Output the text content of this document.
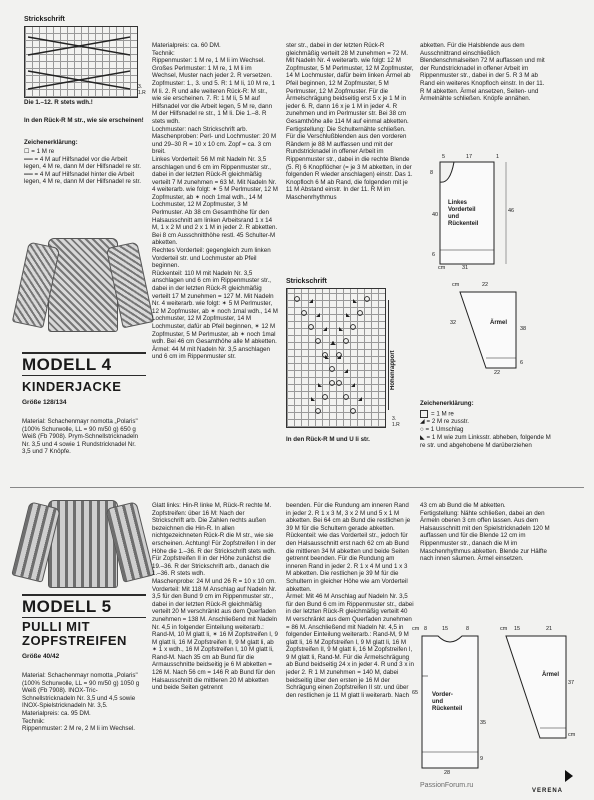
Strickschrift
3.
1.R
Die 1.–12. R stets wdh.!
In den Rück-R M str., wie sie erscheinen!
Zeichenerklärung:
☐ = 1 M re
══ = 4 M auf Hilfsnadel vor die Arbeit legen, 4 M re, dann M der Hilfsnadel re str.
══ = 4 M auf Hilfsnadel hinter die Arbeit legen, 4 M re, dann M der Hilfsnadel re str.
MODELL 4
KINDERJACKE
Größe 128/134
Material: Schachenmayr nomotta „Polaris" (100% Schurwolle, LL = 90 m/50 g) 650 g Weiß (Fb 7908). Prym-Schnellstricknadeln Nr. 3,5 und 4 sowie 1 Rundstricknadel Nr. 3,5 und 7 Knöpfe.
Materialpreis: ca. 60 DM.
Technik:
Rippenmuster: 1 M re, 1 M li im Wechsel.
Großes Perlmuster: 1 M re, 1 M li im Wechsel, Muster nach jeder 2. R versetzen.
Zopfmuster: 1., 3. und 5. R: 1 M li, 10 M re, 1 M li. 2. R und alle weiteren Rück-R: M str., wie sie erscheinen. 7. R: 1 M li, 5 M auf Hilfsnadel vor die Arbeit legen, 5 M re, dann M der Hilfsnadel re str., 1 M li. Die 1.–8. R stets wdh.
Lochmuster: nach Strickschrift arb.
Maschenproben: Perl- und Lochmuster: 20 M und 29–30 R = 10 x 10 cm. Zopf = ca. 3 cm breit.
Linkes Vorderteil: 56 M mit Nadeln Nr. 3,5 anschlagen und 6 cm im Rippenmuster str., dabei in der letzten Rück-R gleichmäßig verteilt 7 M zunehmen = 63 M. Mit Nadeln Nr. 4 weiterarb. wie folgt: ✶ 5 M Perlmuster, 12 M Zopfmuster, ab ✶ noch 1mal wdh., 14 M Lochmuster, 12 M Zopfmuster, 3 M Perlmuster. Ab 38 cm Gesamthöhe für den Halsausschnitt am linken Arbeitsrand 1 x 14 M, 1 x 2 M und 2 x 1 M in jeder 2. R abketten. Bei 8 cm Ausschnitthöhe restl. 45 Schulter-M abketten.
Rechtes Vorderteil: gegengleich zum linken Vorderteil str. und Lochmuster ab Pfeil beginnen.
Rückenteil: 110 M mit Nadeln Nr. 3,5 anschlagen und 6 cm im Rippenmuster str., dabei in der letzten Rück-R gleichmäßig verteilt 17 M zunehmen = 127 M. Mit Nadeln Nr. 4 weiterarb. wie folgt: ✶ 5 M Perlmuster, 12 M Zopfmuster, ab ✶ noch 1mal wdh., 14 M Lochmuster, 12 M Zopfmuster, 14 M Lochmuster, dafür ab Pfeil beginnen, ✶ 12 M Zopfmuster, 5 M Perlmuster, ab ✶ noch 1mal wdh. Bei 46 cm Gesamthöhe alle M abketten.
Ärmel: 44 M mit Nadeln Nr. 3,5 anschlagen und 6 cm im Rippenmuster str.
ster str., dabei in der letzten Rück-R gleichmäßig verteilt 28 M zunehmen = 72 M. Mit Nadeln Nr. 4 weiterarb. wie folgt: 12 M Zopfmuster, 5 M Perlmuster, 12 M Zopfmuster, 14 M Lochmuster, dafür beim linken Ärmel ab Pfeil beginnen, 12 M Zopfmuster, 5 M Perlmuster, 12 M Zopfmuster. Für die Ärmelschrägung beidseitig erst 5 x je 1 M in jeder 6. R, dann 16 x je 1 M in jeder 4. R zunehmen und im Perlmuster str. Bei 38 cm Gesamthöhe alle 114 M auf einmal abketten.
Fertigstellung: Die Schulternähte schließen. Für die Verschlußblenden aus den vorderen Rändern je 88 M auffassen und mit der Rundstricknadel in offener Arbeit im Rippenmuster str., dabei in die rechte Blende (5. R) 6 Knopflöcher (= je 3 M abketten, in der folgenden R wieder anschlagen) einstr. Das 1. Knopfloch 6 M ab Rand, die folgenden mit je 11 M Abstand einstr. In der 11. R M im Maschenrhythmus
abketten. Für die Halsblende aus dem Ausschnittrand einschließlich Blendenschmalseiten 72 M auffassen und mit der Rundstricknadel in offener Arbeit im Rippenmuster str., dabei in der 5. R 3 M ab Rand ein weiteres Knopfloch einstr. In der 11. R M abketten. Ärmel ansetzen, Seiten- und Ärmelnähte schließen. Knöpfe annähen.
Strickschrift
Höhenrapport
3.
1.R
In den Rück-R M und U li str.
Linkes
Vorderteil
und
Rückenteil
5	17	1
8
46
40
6
cm	31
Ärmel
cm	22
32
38
6
22
Zeichenerklärung:
= 1 M re
◢ = 2 M re zusstr.
○ = 1 Umschlag
◣ = 1 M wie zum Linksstr. abheben, folgende M re str. und abgehobene M darüberziehen
MODELL 5
PULLI MIT
ZOPFSTREIFEN
Größe 40/42
Material: Schachenmayr nomotta „Polaris" (100% Schurwolle, LL = 90 m/50 g) 1050 g Weiß (Fb 7908). INOX-Tric-Schnellstricknadeln Nr. 3,5 und 4,5 sowie INOX-Spielstricknadeln Nr. 3,5.
Materialpreis: ca. 95 DM.
Technik:
Rippenmuster: 2 M re, 2 M li im Wechsel.
Glatt links: Hin-R linke M, Rück-R rechte M.
Zopfstreifen: über 16 M: Nach der Strickschrift arb. Die Zahlen rechts außen bezeichnen die Hin-R. In allen nichtgezeichneten Rück-R die M str., wie sie erscheinen. Achtung! Für Zopfstreifen I in der Höhe die 1.–36. R der Strickschrift stets wdh. Für Zopfstreifen II in der Höhe zunächst die 19.–36. R der Strickschrift arb., danach die 1.–36. R stets wdh.
Maschenprobe: 24 M und 26 R = 10 x 10 cm.
Vorderteil: Mit 118 M Anschlag auf Nadeln Nr. 3,5 für den Bund 9 cm im Rippenmuster str., dabei in der letzten Rück-R gleichmäßig verteilt 20 M verschränkt aus dem Querfaden zunehmen = 138 M. Anschließend mit Nadeln Nr. 4,5 in folgender Einteilung weiterarb.: Rand-M, 10 M glatt li, ✶ 16 M Zopfstreifen I, 9 M glatt li, 16 M Zopfstreifen II, 9 M glatt li, ab ✶ 1 x wdh., 16 M Zopfstreifen I, 10 M glatt li, Rand-M. Nach 35 cm ab Bund für die Armausschnitte beidseitig je 6 M abketten = 126 M. Nach 56 cm = 146 R ab Bund für den Halsausschnitt die mittleren 20 M abketten und beide Seiten getrennt
beenden. Für die Rundung am inneren Rand in jeder 2. R 1 x 3 M, 3 x 2 M und 5 x 1 M abketten. Bei 64 cm ab Bund die restlichen je 39 M für die Schultern gerade abketten.
Rückenteil: wie das Vorderteil str., jedoch für den Halsausschnitt erst nach 62 cm ab Bund die mittleren 34 M abketten und beide Seiten getrennt beenden. Für die Rundung am inneren Rand in jeder 2. R 1 x 4 M und 1 x 3 M abketten. Die restlichen je 39 M für die Schultern in gleicher Höhe wie am Vorderteil abketten.
Ärmel: Mit 46 M Anschlag auf Nadeln Nr. 3,5 für den Bund 6 cm im Rippenmuster str., dabei in der letzten Rück-R gleichmäßig verteilt 40 M verschränkt aus dem Querfaden zunehmen = 86 M. Anschließend mit Nadeln Nr. 4,5 in folgender Einteilung weiterarb.: Rand-M, 9 M glatt li, 16 M Zopfstreifen I, 9 M glatt li, 16 M Zopfstreifen II, 9 M glatt li, 16 M Zopfstreifen I, 9 M glatt li, Rand-M. Für die Ärmelschrägung ab Bund beidseitig 24 x in jeder 4. R und 3 x in jeder 2. R 1 M zunehmen = 140 M, dabei beidseitig über den ersten je 16 M der Schrägung einen Zopfstreifen II str. und über den restlichen je 11 M glatt li weiterarb. Nach
43 cm ab Bund die M abketten.
Fertigstellung: Nähte schließen, dabei an den Ärmeln oberen 3 cm offen lassen. Aus dem Halsausschnitt mit den Spielstricknadeln 120 M auffassen und für die Blende 12 cm im Rippenmuster str., danach die M im Maschenrhythmus abketten. Blende zur Hälfte nach innen säumen. Ärmel einsetzen.
Vorder-
und
Rückenteil
8	15	8
cm
65
35
9
28
Ärmel
cm 15	21
37
cm
PassionForum.ru
VERENA
